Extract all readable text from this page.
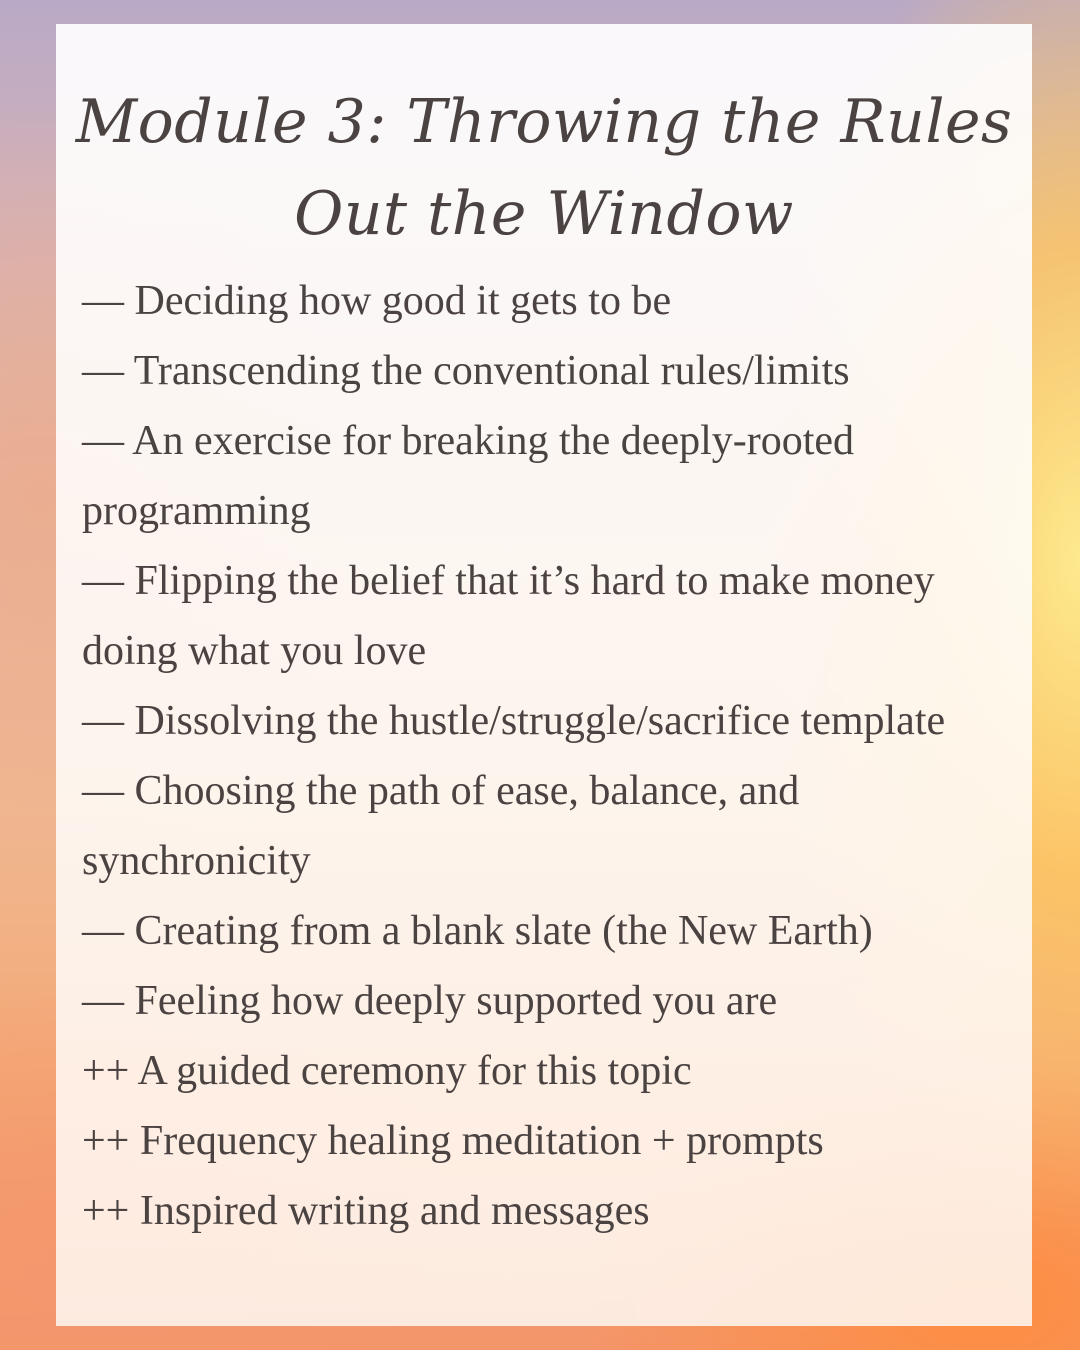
Module 3: Throwing the Rules
Out the Window
— Deciding how good it gets to be
— Transcending the conventional rules/limits
— An exercise for breaking the deeply-rooted programming
— Flipping the belief that it’s hard to make money doing what you love
— Dissolving the hustle/struggle/sacrifice template
— Choosing the path of ease, balance, and synchronicity
— Creating from a blank slate (the New Earth)
— Feeling how deeply supported you are
++ A guided ceremony for this topic
++ Frequency healing meditation + prompts
++ Inspired writing and messages
